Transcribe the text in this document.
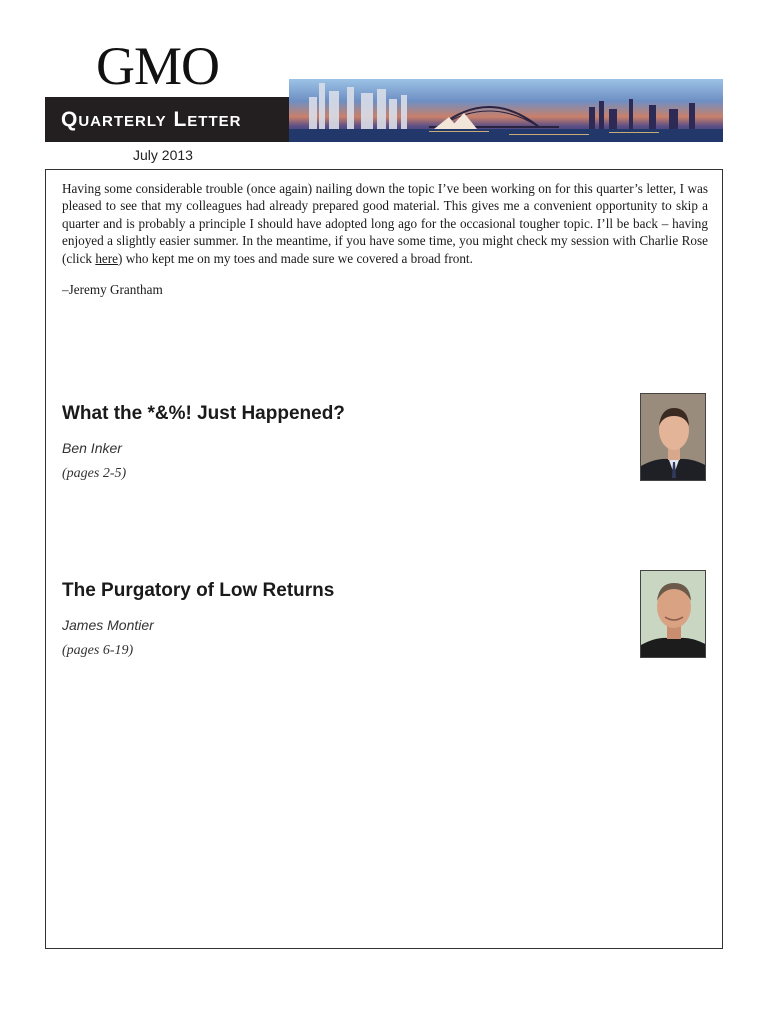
GMO
Quarterly Letter
July 2013

Having some considerable trouble (once again) nailing down the topic I’ve been working on for this quarter’s letter, I was pleased to see that my colleagues had already prepared good material. This gives me a convenient opportunity to skip a quarter and is probably a principle I should have adopted long ago for the occasional tougher topic. I’ll be back – having enjoyed a slightly easier summer. In the meantime, if you have some time, you might check my session with Charlie Rose (click here) who kept me on my toes and made sure we covered a broad front.

–Jeremy Grantham

What the *&%! Just Happened?

Ben Inker

(pages 2-5)

The Purgatory of Low Returns

James Montier

(pages 6-19)
